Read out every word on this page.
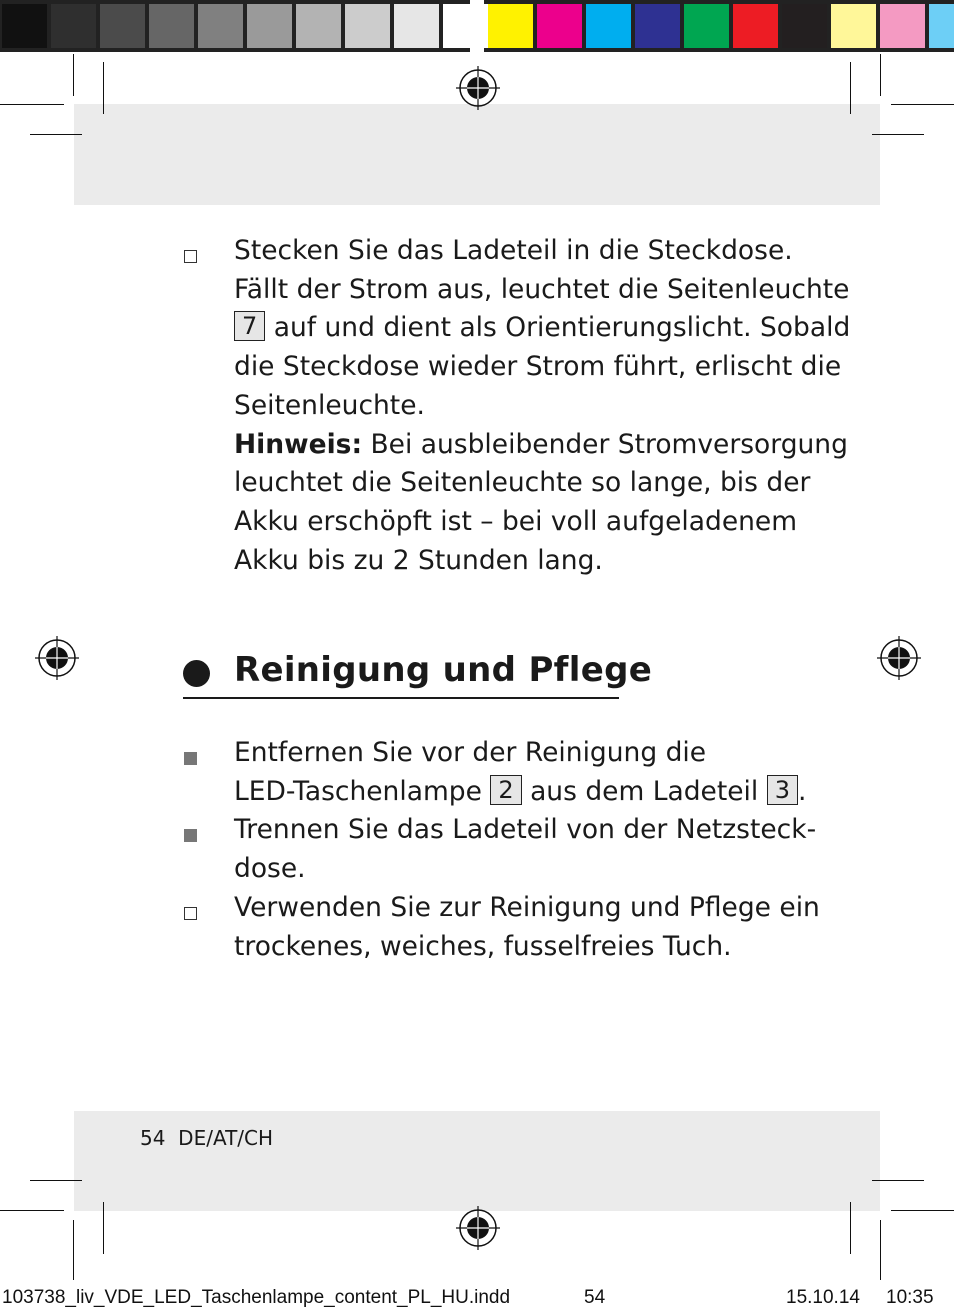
Stecken Sie das Ladeteil in die Steckdose.
Fällt der Strom aus, leuchtet die Seitenleuchte
7 auf und dient als Orientierungslicht. Sobald
die Steckdose wieder Strom führt, erlischt die
Seitenleuchte.
Hinweis: Bei ausbleibender Stromversorgung
leuchtet die Seitenleuchte so lange, bis der
Akku erschöpft ist – bei voll aufgeladenem
Akku bis zu 2 Stunden lang.
Reinigung und Pflege
Entfernen Sie vor der Reinigung die
LED-Taschenlampe 2 aus dem Ladeteil 3 .
Trennen Sie das Ladeteil von der Netzsteck-
dose.
Verwenden Sie zur Reinigung und Pflege ein
trockenes, weiches, fusselfreies Tuch.
54 DE/AT/CH
103738_liv_VDE_LED_Taschenlampe_content_PL_HU.indd	54	15.10.14 10:35
